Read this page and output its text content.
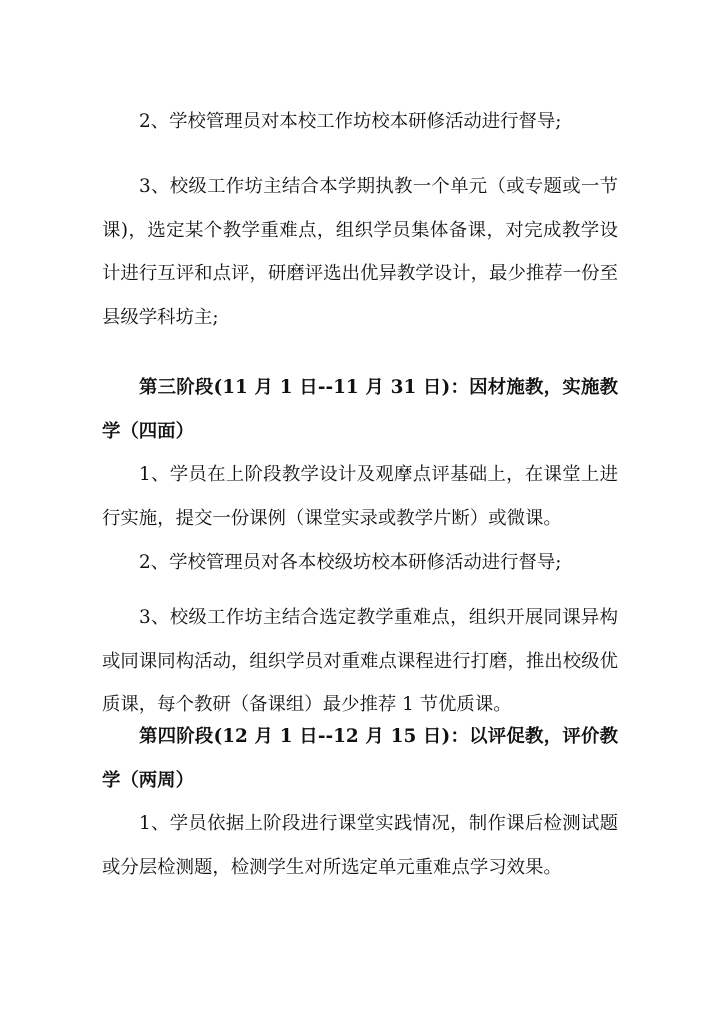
2、学校管理员对本校工作坊校本研修活动进行督导;

3、校级工作坊主结合本学期执教一个单元（或专题或一节课)，选定某个教学重难点，组织学员集体备课，对完成教学设计进行互评和点评，研磨评选出优异教学设计，最少推荐一份至县级学科坊主;

第三阶段(11 月 1 日--11 月 31 日)：因材施教，实施教学（四面）

1、学员在上阶段教学设计及观摩点评基础上，在课堂上进行实施，提交一份课例（课堂实录或教学片断）或微课。

2、学校管理员对各本校级坊校本研修活动进行督导;

3、校级工作坊主结合选定教学重难点，组织开展同课异构或同课同构活动，组织学员对重难点课程进行打磨，推出校级优质课，每个教研（备课组）最少推荐 1 节优质课。

第四阶段(12 月 1 日--12 月 15 日)：以评促教，评价教学（两周）

1、学员依据上阶段进行课堂实践情况，制作课后检测试题或分层检测题，检测学生对所选定单元重难点学习效果。
